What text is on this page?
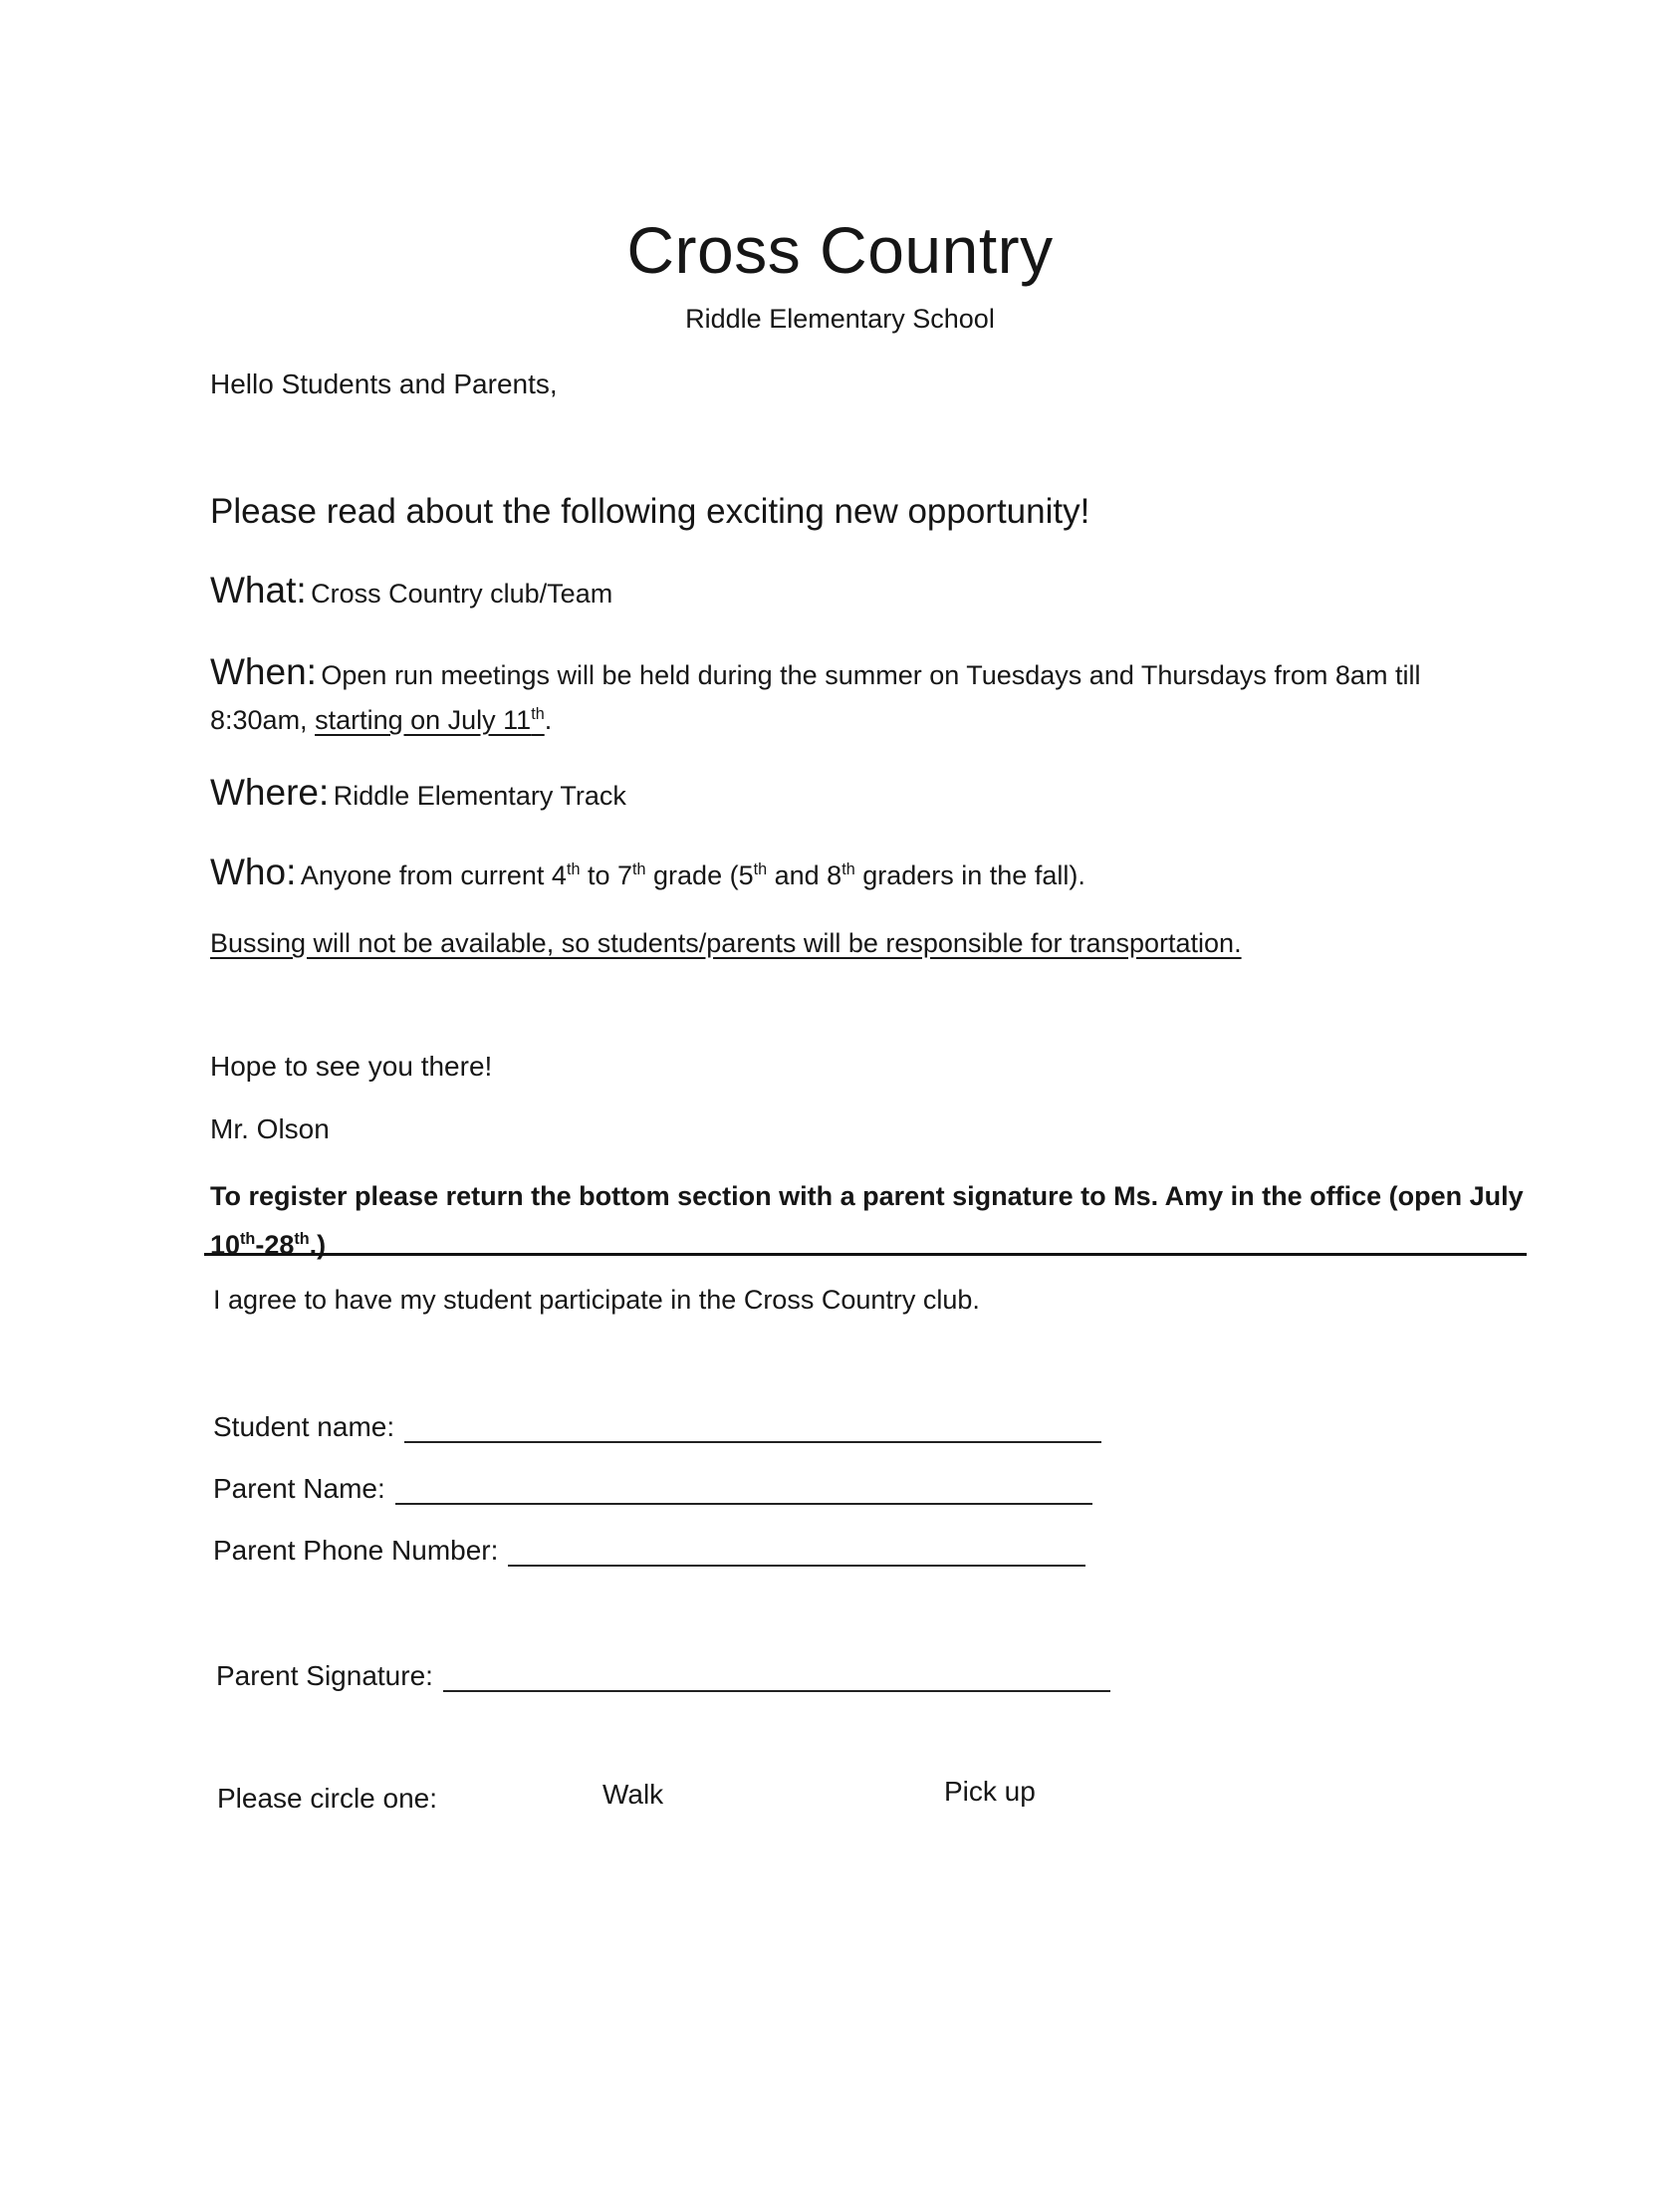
Cross Country
Riddle Elementary School
Hello Students and Parents,
Please read about the following exciting new opportunity!
What: Cross Country club/Team
When: Open run meetings will be held during the summer on Tuesdays and Thursdays from 8am till
8:30am, starting on July 11th.
Where: Riddle Elementary Track
Who: Anyone from current 4th to 7th grade (5th and 8th graders in the fall).
Bussing will not be available, so students/parents will be responsible for transportation.
Hope to see you there!
Mr. Olson
To register please return the bottom section with a parent signature to Ms. Amy in the office (open July 10th-28th.)
I agree to have my student participate in the Cross Country club.
Student name:
Parent Name:
Parent Phone Number:
Parent Signature:
Please circle one:	Walk	Pick up
